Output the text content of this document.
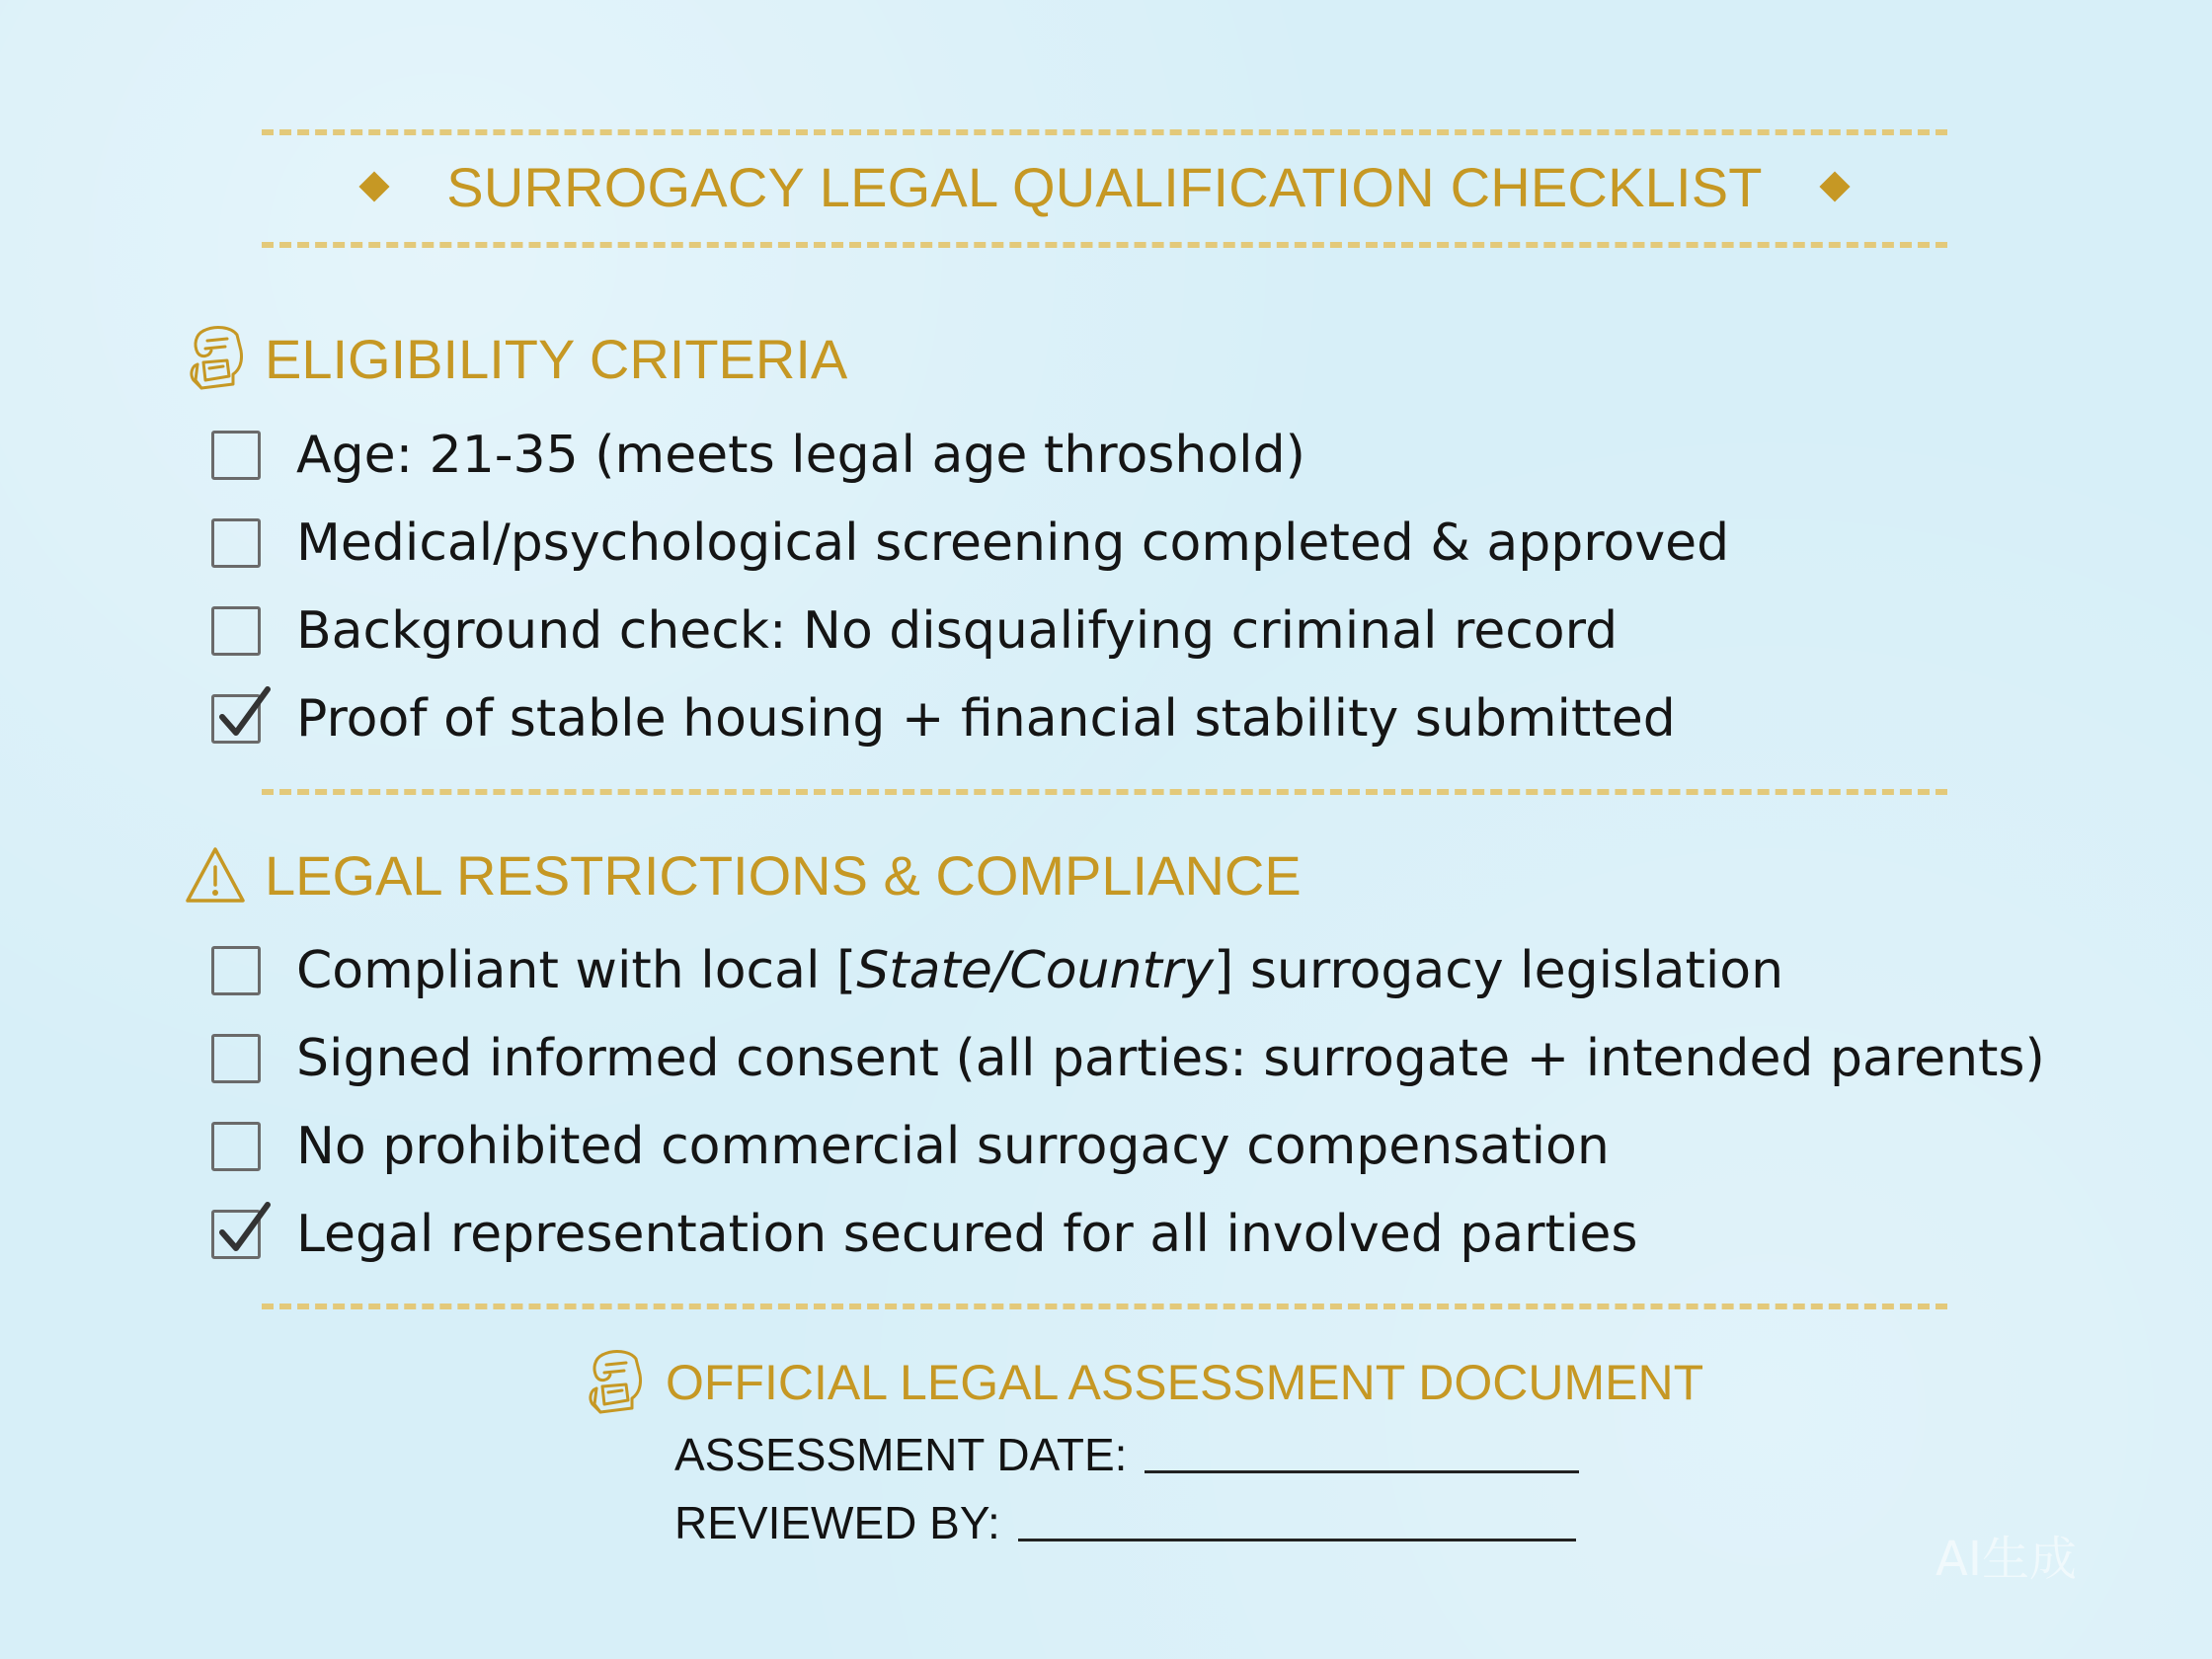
SURROGACY LEGAL QUALIFICATION CHECKLIST
ELIGIBILITY CRITERIA
Age: 21-35 (meets legal age throshold)
Medical/psychological screening completed & approved
Background check: No disqualifying criminal record
Proof of stable housing + financial stability submitted
LEGAL RESTRICTIONS & COMPLIANCE
Compliant with local [State/Country] surrogacy legislation
Signed informed consent (all parties: surrogate + intended parents)
No prohibited commercial surrogacy compensation
Legal representation secured for all involved parties
OFFICIAL LEGAL ASSESSMENT DOCUMENT
ASSESSMENT DATE:
REVIEWED BY:
AI生成
